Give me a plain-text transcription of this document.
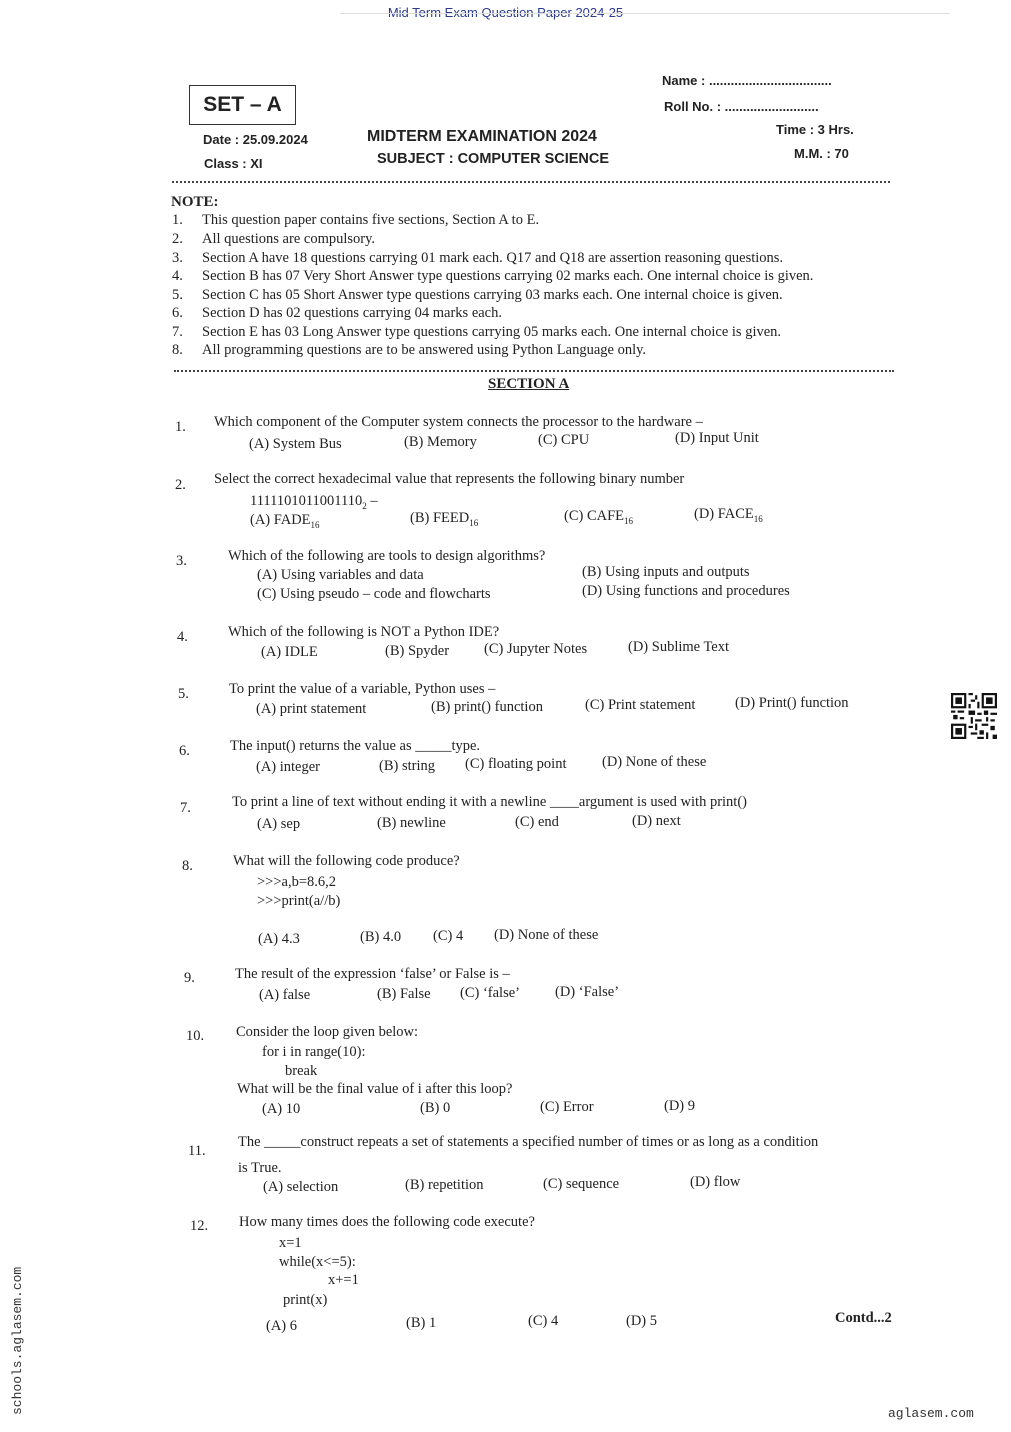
Mid Term Exam Question Paper 2024-25
SET – A
Name : ..................................
Roll No. : ..........................
Date : 25.09.2024
Class : XI
MIDTERM EXAMINATION 2024
SUBJECT : COMPUTER SCIENCE
Time : 3 Hrs.
M.M. : 70
NOTE:
1. This question paper contains five sections, Section A to E.
2. All questions are compulsory.
3. Section A have 18 questions carrying 01 mark each. Q17 and Q18 are assertion reasoning questions.
4. Section B has 07 Very Short Answer type questions carrying 02 marks each. One internal choice is given.
5. Section C has 05 Short Answer type questions carrying 03 marks each. One internal choice is given.
6. Section D has 02 questions carrying 04 marks each.
7. Section E has 03 Long Answer type questions carrying 05 marks each. One internal choice is given.
8. All programming questions are to be answered using Python Language only.
SECTION A
1. Which component of the Computer system connects the processor to the hardware –
(A) System Bus	(B) Memory	(C) CPU	(D) Input Unit
2. Select the correct hexadecimal value that represents the following binary number
$1111101011001110_2$ –
(A) $FADE_{16}$	(B) $FEED_{16}$	(C) $CAFE_{16}$	(D) $FACE_{16}$
3.	Which of the following are tools to design algorithms?
(A) Using variables and data	(B) Using inputs and outputs
(C) Using pseudo – code and flowcharts	(D) Using functions and procedures
4.	Which of the following is NOT a Python IDE?
(A) IDLE	(B) Spyder (C) Jupyter Notes	(D) Sublime Text
5.	To print the value of a variable, Python uses –
(A) print statement	(B) print() function	(C) Print statement	(D) Print() function
6.	The input() returns the value as _____type.
(A) integer	(B) string (C) floating point (D) None of these
7.	To print a line of text without ending it with a newline ____argument is used with print()
(A) sep	(B) newline	(C) end	(D) next
8.	What will the following code produce?
>>>a,b=8.6,2
>>>print(a//b)
(A) 4.3	(B) 4.0 (C) 4 (D) None of these
9.	The result of the expression ‘false’ or False is –
(A) false	(B) False (C) ‘false’ (D) ‘False’
10. Consider the loop given below:
for i in range(10):
break
What will be the final value of i after this loop?
(A) 10	(B) 0	(C) Error	(D) 9
11.
The _____construct repeats a set of statements a specified number of times or as long as a condition
is True.
(A) selection	(B) repetition	(C) sequence	(D) flow
12. How many times does the following code execute?
x=1
while(x<=5):
x+=1
print(x)
(A) 6	(B) 1	(C) 4	(D) 5	Contd...2
schools.aglasem.com	aglasem.com
